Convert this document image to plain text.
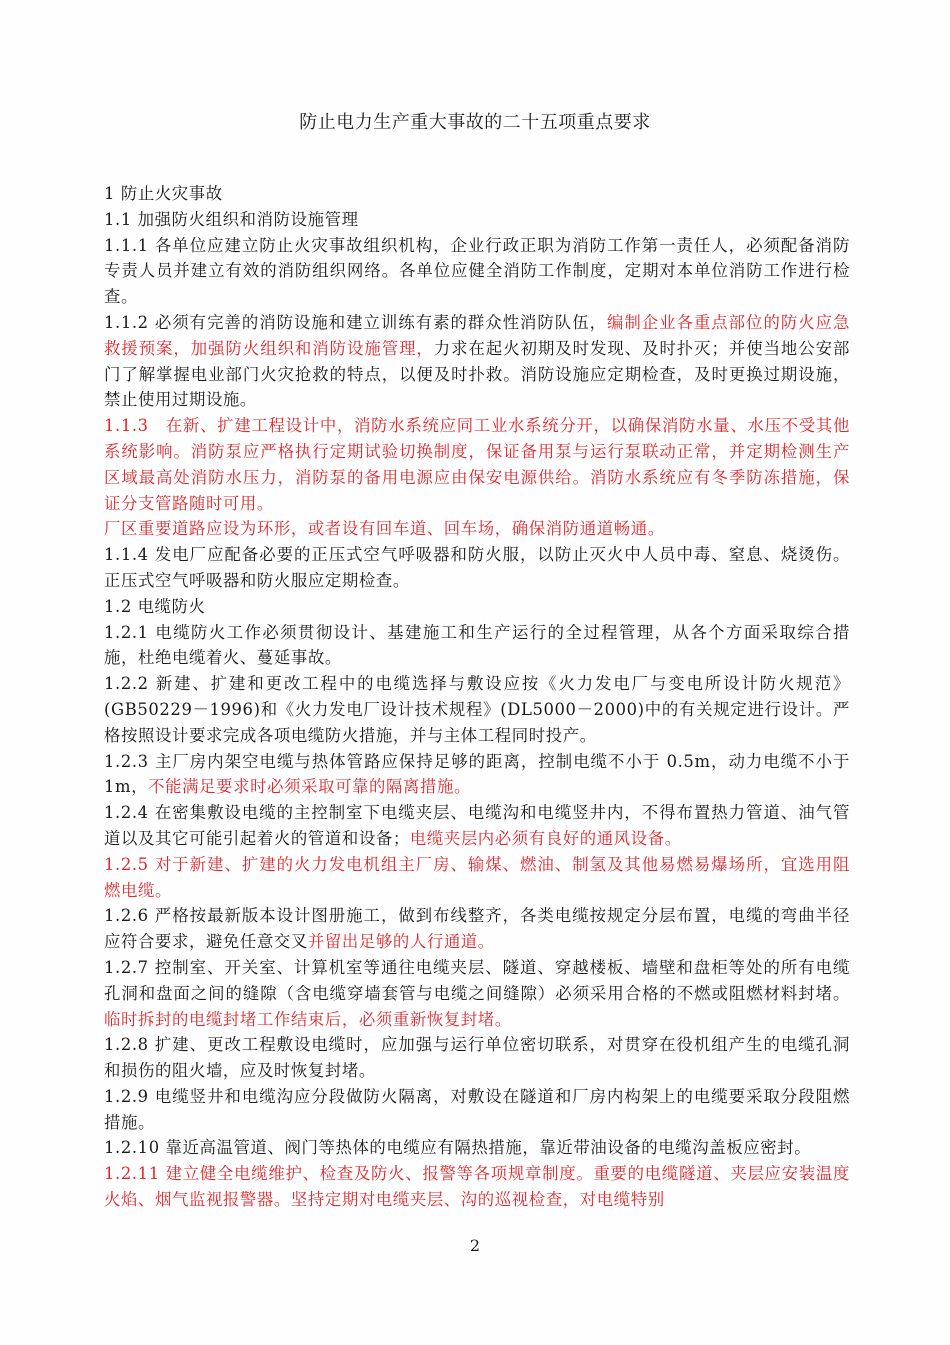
防止电力生产重大事故的二十五项重点要求

1 防止火灾事故

1.1 加强防火组织和消防设施管理

1.1.1 各单位应建立防止火灾事故组织机构，企业行政正职为消防工作第一责任人，必须配备消防专责人员并建立有效的消防组织网络。各单位应健全消防工作制度，定期对本单位消防工作进行检查。

1.1.2 必须有完善的消防设施和建立训练有素的群众性消防队伍，编制企业各重点部位的防火应急救援预案，加强防火组织和消防设施管理，力求在起火初期及时发现、及时扑灭；并使当地公安部门了解掌握电业部门火灾抢救的特点，以便及时扑救。消防设施应定期检查，及时更换过期设施，禁止使用过期设施。

1.1.3　在新、扩建工程设计中，消防水系统应同工业水系统分开，以确保消防水量、水压不受其他系统影响。消防泵应严格执行定期试验切换制度，保证备用泵与运行泵联动正常，并定期检测生产区域最高处消防水压力，消防泵的备用电源应由保安电源供给。消防水系统应有冬季防冻措施，保证分支管路随时可用。

厂区重要道路应设为环形，或者设有回车道、回车场，确保消防通道畅通。

1.1.4 发电厂应配备必要的正压式空气呼吸器和防火服，以防止灭火中人员中毒、窒息、烧烫伤。正压式空气呼吸器和防火服应定期检查。

1.2 电缆防火

1.2.1 电缆防火工作必须贯彻设计、基建施工和生产运行的全过程管理，从各个方面采取综合措施，杜绝电缆着火、蔓延事故。

1.2.2 新建、扩建和更改工程中的电缆选择与敷设应按《火力发电厂与变电所设计防火规范》(GB50229－1996)和《火力发电厂设计技术规程》(DL5000－2000)中的有关规定进行设计。严格按照设计要求完成各项电缆防火措施，并与主体工程同时投产。

1.2.3 主厂房内架空电缆与热体管路应保持足够的距离，控制电缆不小于 0.5m，动力电缆不小于 1m，不能满足要求时必须采取可靠的隔离措施。

1.2.4 在密集敷设电缆的主控制室下电缆夹层、电缆沟和电缆竖井内，不得布置热力管道、油气管道以及其它可能引起着火的管道和设备；电缆夹层内必须有良好的通风设备。

1.2.5 对于新建、扩建的火力发电机组主厂房、输煤、燃油、制氢及其他易燃易爆场所，宜选用阻燃电缆。

1.2.6 严格按最新版本设计图册施工，做到布线整齐，各类电缆按规定分层布置，电缆的弯曲半径应符合要求，避免任意交叉并留出足够的人行通道。

1.2.7 控制室、开关室、计算机室等通往电缆夹层、隧道、穿越楼板、墙壁和盘柜等处的所有电缆孔洞和盘面之间的缝隙（含电缆穿墙套管与电缆之间缝隙）必须采用合格的不燃或阻燃材料封堵。临时拆封的电缆封堵工作结束后，必须重新恢复封堵。

1.2.8 扩建、更改工程敷设电缆时，应加强与运行单位密切联系，对贯穿在役机组产生的电缆孔洞和损伤的阻火墙，应及时恢复封堵。

1.2.9 电缆竖井和电缆沟应分段做防火隔离，对敷设在隧道和厂房内构架上的电缆要采取分段阻燃措施。

1.2.10 靠近高温管道、阀门等热体的电缆应有隔热措施，靠近带油设备的电缆沟盖板应密封。

1.2.11 建立健全电缆维护、检查及防火、报警等各项规章制度。重要的电缆隧道、夹层应安装温度火焰、烟气监视报警器。坚持定期对电缆夹层、沟的巡视检查，对电缆特别

2
